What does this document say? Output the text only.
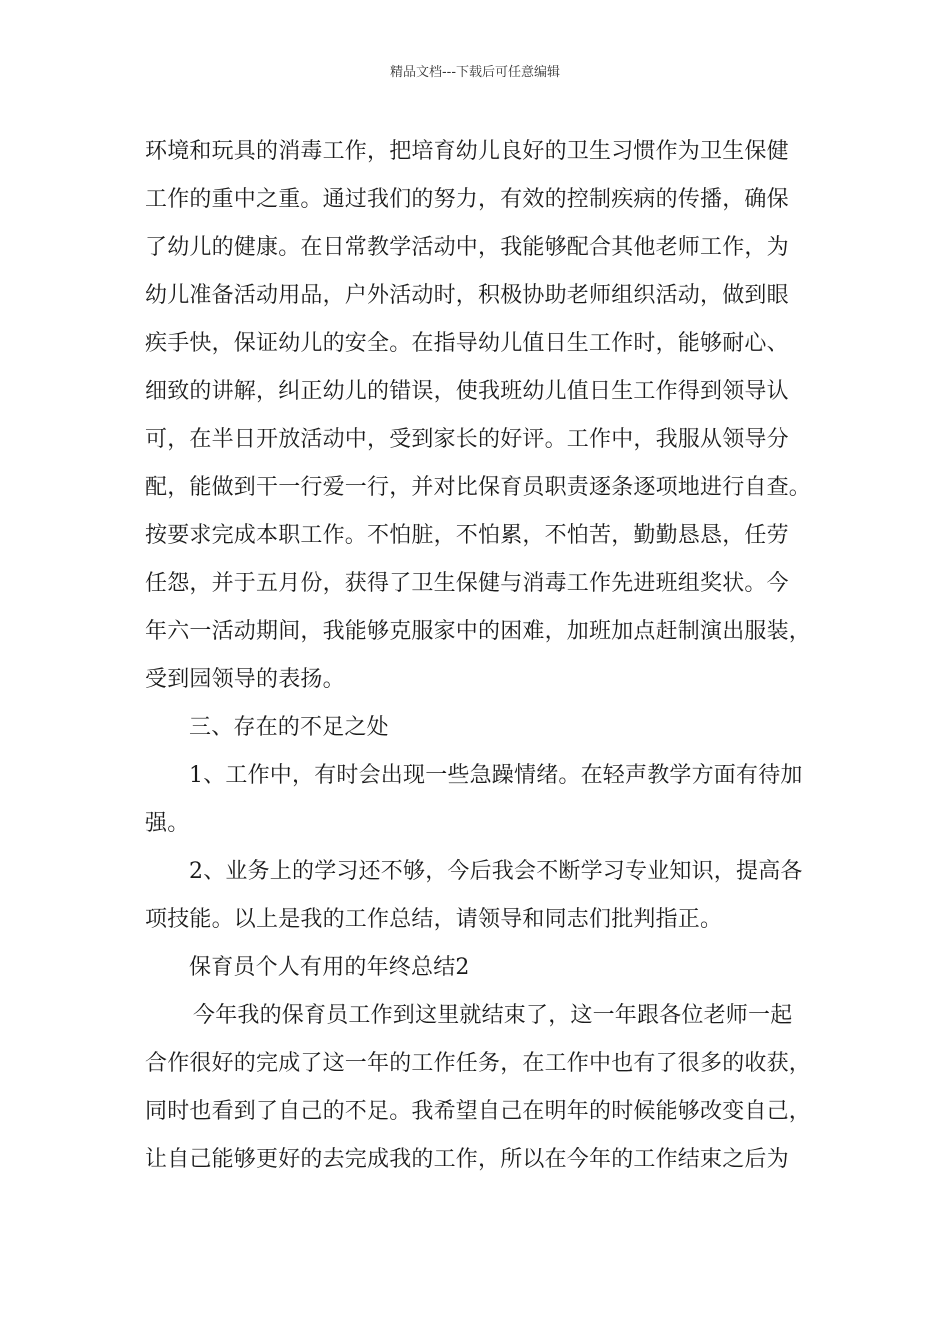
精品文档---下载后可任意编辑
环境和玩具的消毒工作，把培育幼儿良好的卫生习惯作为卫生保健
工作的重中之重。通过我们的努力，有效的控制疾病的传播，确保
了幼儿的健康。在日常教学活动中，我能够配合其他老师工作，为
幼儿准备活动用品，户外活动时，积极协助老师组织活动，做到眼
疾手快，保证幼儿的安全。在指导幼儿值日生工作时，能够耐心、
细致的讲解，纠正幼儿的错误，使我班幼儿值日生工作得到领导认
可，在半日开放活动中，受到家长的好评。工作中，我服从领导分
配，能做到干一行爱一行，并对比保育员职责逐条逐项地进行自查。
按要求完成本职工作。不怕脏，不怕累，不怕苦，勤勤恳恳，任劳
任怨，并于五月份，获得了卫生保健与消毒工作先进班组奖状。今
年六一活动期间，我能够克服家中的困难，加班加点赶制演出服装，
受到园领导的表扬。
三、存在的不足之处
1、工作中，有时会出现一些急躁情绪。在轻声教学方面有待加
强。
2、业务上的学习还不够，今后我会不断学习专业知识，提高各
项技能。以上是我的工作总结，请领导和同志们批判指正。
保育员个人有用的年终总结2
今年我的保育员工作到这里就结束了，这一年跟各位老师一起
合作很好的完成了这一年的工作任务，在工作中也有了很多的收获，
同时也看到了自己的不足。我希望自己在明年的时候能够改变自己，
让自己能够更好的去完成我的工作，所以在今年的工作结束之后为
